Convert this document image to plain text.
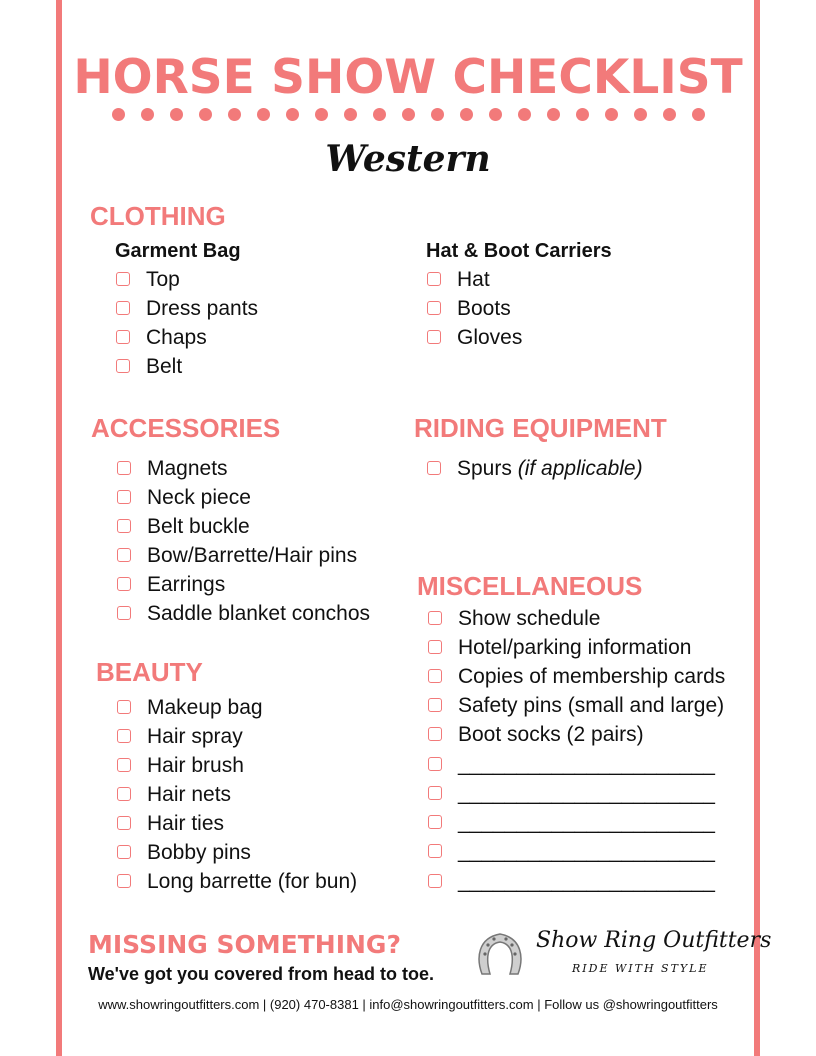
HORSE SHOW CHECKLIST
Western
CLOTHING
Garment Bag
Top
Dress pants
Chaps
Belt
Hat & Boot Carriers
Hat
Boots
Gloves
ACCESSORIES
Magnets
Neck piece
Belt buckle
Bow/Barrette/Hair pins
Earrings
Saddle blanket conchos
RIDING EQUIPMENT
Spurs (if applicable)
BEAUTY
Makeup bag
Hair spray
Hair brush
Hair nets
Hair ties
Bobby pins
Long barrette (for bun)
MISCELLANEOUS
Show schedule
Hotel/parking information
Copies of membership cards
Safety pins (small and large)
Boot socks (2 pairs)
______________________
______________________
______________________
______________________
______________________
MISSING SOMETHING?
We've got you covered from head to toe.
Show Ring Outfitters
RIDE WITH STYLE
www.showringoutfitters.com | (920) 470-8381 | info@showringoutfitters.com | Follow us @showringoutfitters
